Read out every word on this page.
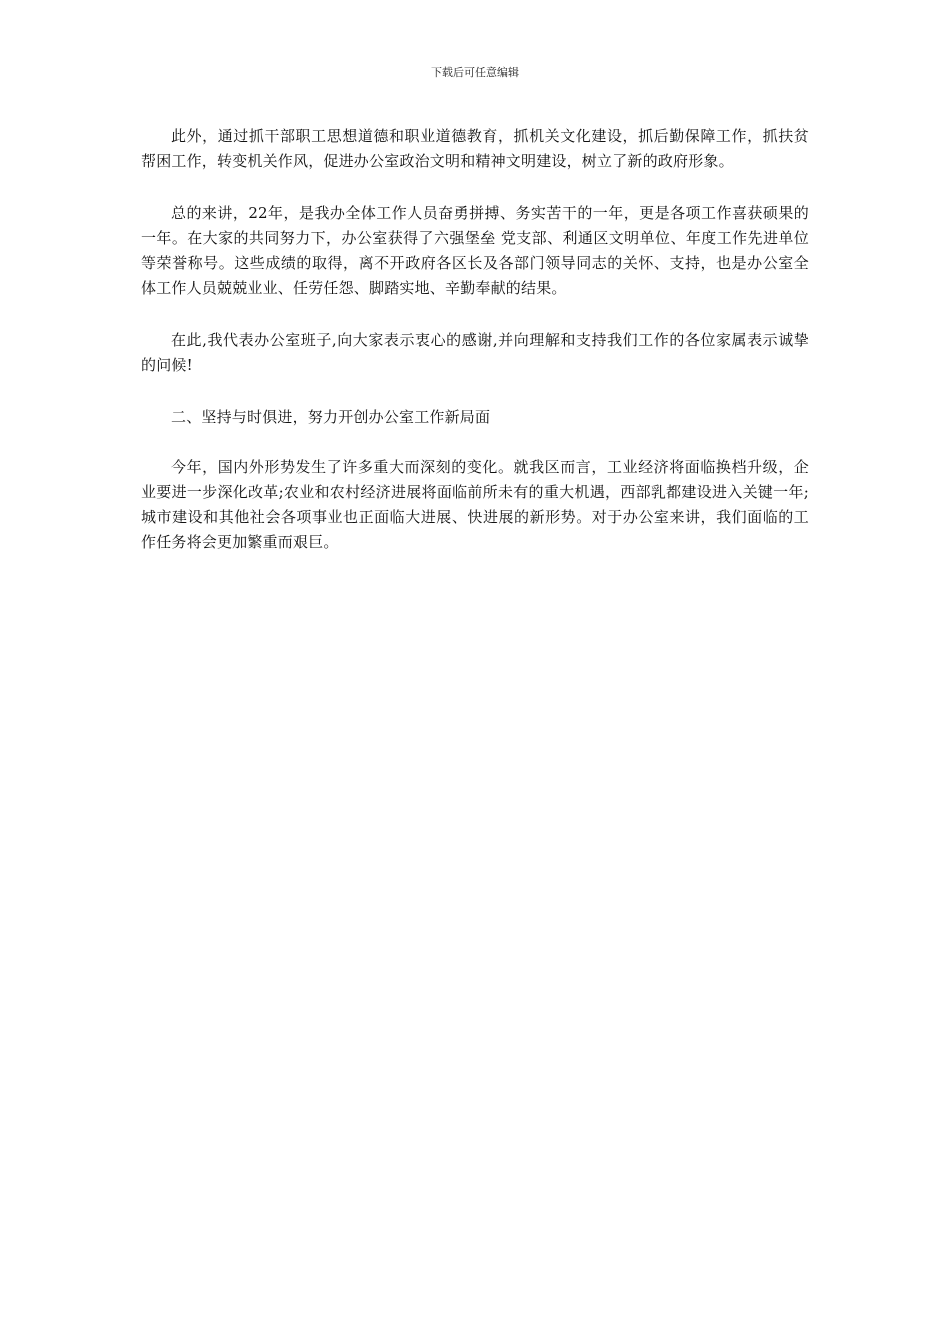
下载后可任意编辑

此外，通过抓干部职工思想道德和职业道德教育，抓机关文化建设，抓后勤保障工作，抓扶贫帮困工作，转变机关作风，促进办公室政治文明和精神文明建设，树立了新的政府形象。

总的来讲，22年，是我办全体工作人员奋勇拼搏、务实苦干的一年，更是各项工作喜获硕果的一年。在大家的共同努力下，办公室获得了六强堡垒 党支部、利通区文明单位、年度工作先进单位等荣誉称号。这些成绩的取得，离不开政府各区长及各部门领导同志的关怀、支持，也是办公室全体工作人员兢兢业业、任劳任怨、脚踏实地、辛勤奉献的结果。

在此,我代表办公室班子,向大家表示衷心的感谢,并向理解和支持我们工作的各位家属表示诚挚的问候!

二、坚持与时俱进，努力开创办公室工作新局面

今年，国内外形势发生了许多重大而深刻的变化。就我区而言，工业经济将面临换档升级，企业要进一步深化改革;农业和农村经济进展将面临前所未有的重大机遇，西部乳都建设进入关键一年;城市建设和其他社会各项事业也正面临大进展、快进展的新形势。对于办公室来讲，我们面临的工作任务将会更加繁重而艰巨。
